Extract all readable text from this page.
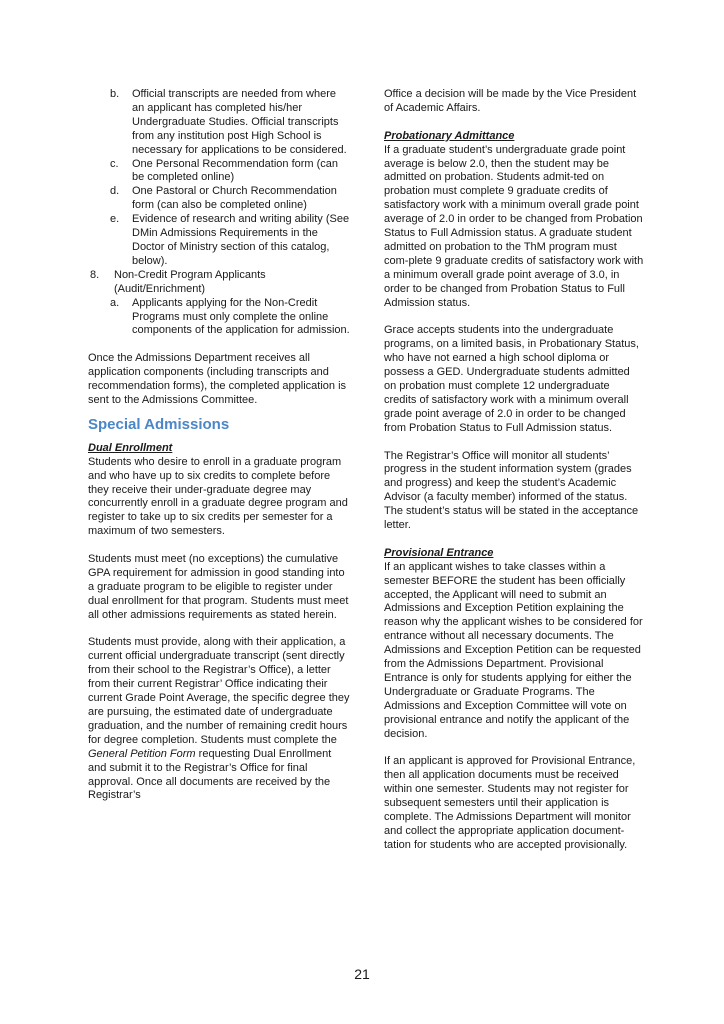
b. Official transcripts are needed from where an applicant has completed his/her Undergraduate Studies. Official transcripts from any institution post High School is necessary for applications to be considered.

c. One Personal Recommendation form (can be completed online)

d. One Pastoral or Church Recommendation form (can also be completed online)

e. Evidence of research and writing ability (See DMin Admissions Requirements in the Doctor of Ministry section of this catalog, below).

8. Non-Credit Program Applicants (Audit/Enrichment)

a. Applicants applying for the Non-Credit Programs must only complete the online components of the application for admission.

Once the Admissions Department receives all application components (including transcripts and recommendation forms), the completed application is sent to the Admissions Committee.

Special Admissions

Dual Enrollment

Students who desire to enroll in a graduate program and who have up to six credits to complete before they receive their under-graduate degree may concurrently enroll in a graduate degree program and register to take up to six credits per semester for a maximum of two semesters.

Students must meet (no exceptions) the cumulative GPA requirement for admission in good standing into a graduate program to be eligible to register under dual enrollment for that program. Students must meet all other admissions requirements as stated herein.

Students must provide, along with their application, a current official undergraduate transcript (sent directly from their school to the Registrar’s Office), a letter from their current Registrar’ Office indicating their current Grade Point Average, the specific degree they are pursuing, the estimated date of undergraduate graduation, and the number of remaining credit hours for degree completion. Students must complete the General Petition Form requesting Dual Enrollment and submit it to the Registrar’s Office for final approval. Once all documents are received by the Registrar’s

Office a decision will be made by the Vice President of Academic Affairs.

Probationary Admittance

If a graduate student’s undergraduate grade point average is below 2.0, then the student may be admitted on probation. Students admit-ted on probation must complete 9 graduate credits of satisfactory work with a minimum overall grade point average of 2.0 in order to be changed from Probation Status to Full Admission status. A graduate student admitted on probation to the ThM program must com-plete 9 graduate credits of satisfactory work with a minimum overall grade point average of 3.0, in order to be changed from Probation Status to Full Admission status.

Grace accepts students into the undergraduate programs, on a limited basis, in Probationary Status, who have not earned a high school diploma or possess a GED. Undergraduate students admitted on probation must complete 12 undergraduate credits of satisfactory work with a minimum overall grade point average of 2.0 in order to be changed from Probation Status to Full Admission status.

The Registrar’s Office will monitor all students’ progress in the student information system (grades and progress) and keep the student’s Academic Advisor (a faculty member) informed of the status. The student’s status will be stated in the acceptance letter.

Provisional Entrance

If an applicant wishes to take classes within a semester BEFORE the student has been officially accepted, the Applicant will need to submit an Admissions and Exception Petition explaining the reason why the applicant wishes to be considered for entrance without all necessary documents. The Admissions and Exception Petition can be requested from the Admissions Department. Provisional Entrance is only for students applying for either the Undergraduate or Graduate Programs. The Admissions and Exception Committee will vote on provisional entrance and notify the applicant of the decision.

If an applicant is approved for Provisional Entrance, then all application documents must be received within one semester. Students may not register for subsequent semesters until their application is complete. The Admissions Department will monitor and collect the appropriate application document-tation for students who are accepted provisionally.

21
